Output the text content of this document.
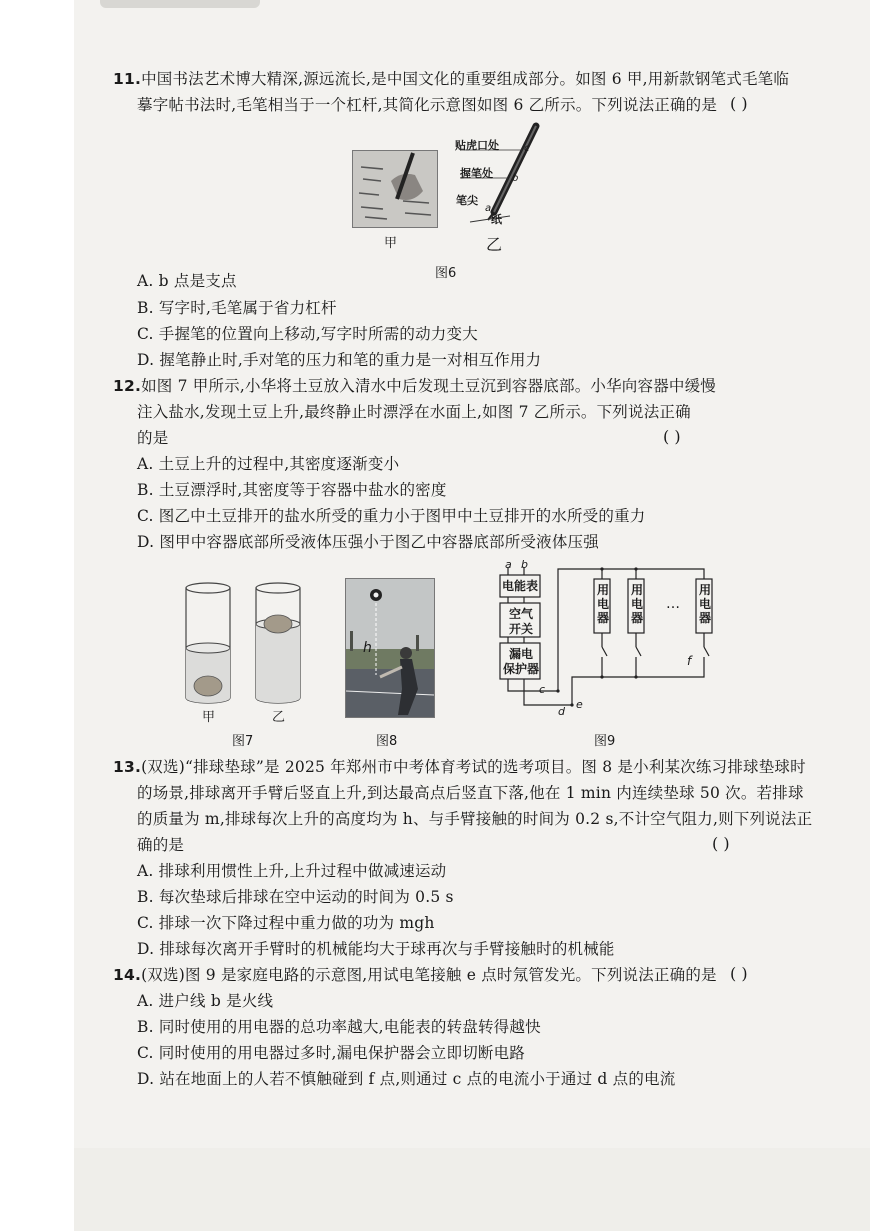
11.中国书法艺术博大精深,源远流长,是中国文化的重要组成部分。如图 6 甲,用新款钢笔式毛笔临
摹字帖书法时,毛笔相当于一个杠杆,其简化示意图如图 6 乙所示。下列说法正确的是 ( )
甲	乙
图6
贴虎口处	c
握笔处 b
笔尖
a
纸
A. b 点是支点
B. 写字时,毛笔属于省力杠杆
C. 手握笔的位置向上移动,写字时所需的动力变大
D. 握笔静止时,手对笔的压力和笔的重力是一对相互作用力
12.如图 7 甲所示,小华将土豆放入清水中后发现土豆沉到容器底部。小华向容器中缓慢
注入盐水,发现土豆上升,最终静止时漂浮在水面上,如图 7 乙所示。下列说法正确
的是	( )
A. 土豆上升的过程中,其密度逐渐变小
B. 土豆漂浮时,其密度等于容器中盐水的密度
C. 图乙中土豆排开的盐水所受的重力小于图甲中土豆排开的水所受的重力
D. 图甲中容器底部所受液体压强小于图乙中容器底部所受液体压强
甲	乙
图7
h
图8
a b
电能表
空气
开关
漏电
保护器
用电器
用电器
用电器
…
f
c
d
e
图9
13.(双选)“排球垫球”是 2025 年郑州市中考体育考试的选考项目。图 8 是小利某次练习排球垫球时
的场景,排球离开手臂后竖直上升,到达最高点后竖直下落,他在 1 min 内连续垫球 50 次。若排球
的质量为 m,排球每次上升的高度均为 h、与手臂接触的时间为 0.2 s,不计空气阻力,则下列说法正
确的是	( )
A. 排球利用惯性上升,上升过程中做减速运动
B. 每次垫球后排球在空中运动的时间为 0.5 s
C. 排球一次下降过程中重力做的功为 mgh
D. 排球每次离开手臂时的机械能均大于球再次与手臂接触时的机械能
14.(双选)图 9 是家庭电路的示意图,用试电笔接触 e 点时氖管发光。下列说法正确的是 ( )
A. 进户线 b 是火线
B. 同时使用的用电器的总功率越大,电能表的转盘转得越快
C. 同时使用的用电器过多时,漏电保护器会立即切断电路
D. 站在地面上的人若不慎触碰到 f 点,则通过 c 点的电流小于通过 d 点的电流
